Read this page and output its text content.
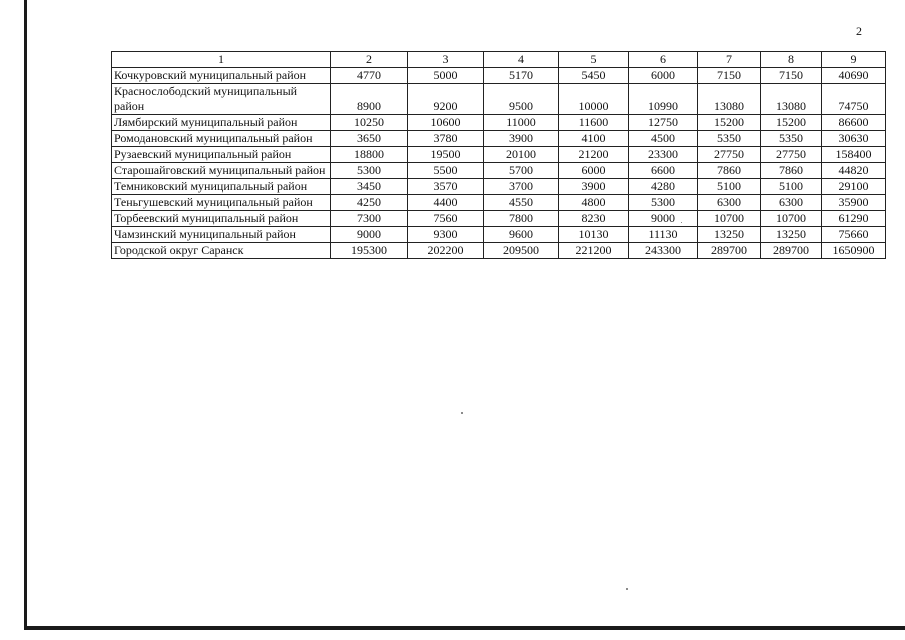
2
1	2	3	4	5	6	7	8	9
Кочкуровский муниципальный район	4770	5000	5170	5450	6000	7150	7150	40690
Краснослободский муниципальный район	8900	9200	9500	10000	10990	13080	13080	74750
Лямбирский муниципальный район	10250	10600	11000	11600	12750	15200	15200	86600
Ромодановский муниципальный район	3650	3780	3900	4100	4500	5350	5350	30630
Рузаевский муниципальный район	18800	19500	20100	21200	23300	27750	27750	158400
Старошайговский муниципальный район	5300	5500	5700	6000	6600	7860	7860	44820
Темниковский муниципальный район	3450	3570	3700	3900	4280	5100	5100	29100
Теньгушевский муниципальный район	4250	4400	4550	4800	5300	6300	6300	35900
Торбеевский муниципальный район	7300	7560	7800	8230	9000	10700	10700	61290
Чамзинский муниципальный район	9000	9300	9600	10130	11130	13250	13250	75660
Городской округ Саранск	195300	202200	209500	221200	243300	289700	289700	1650900
